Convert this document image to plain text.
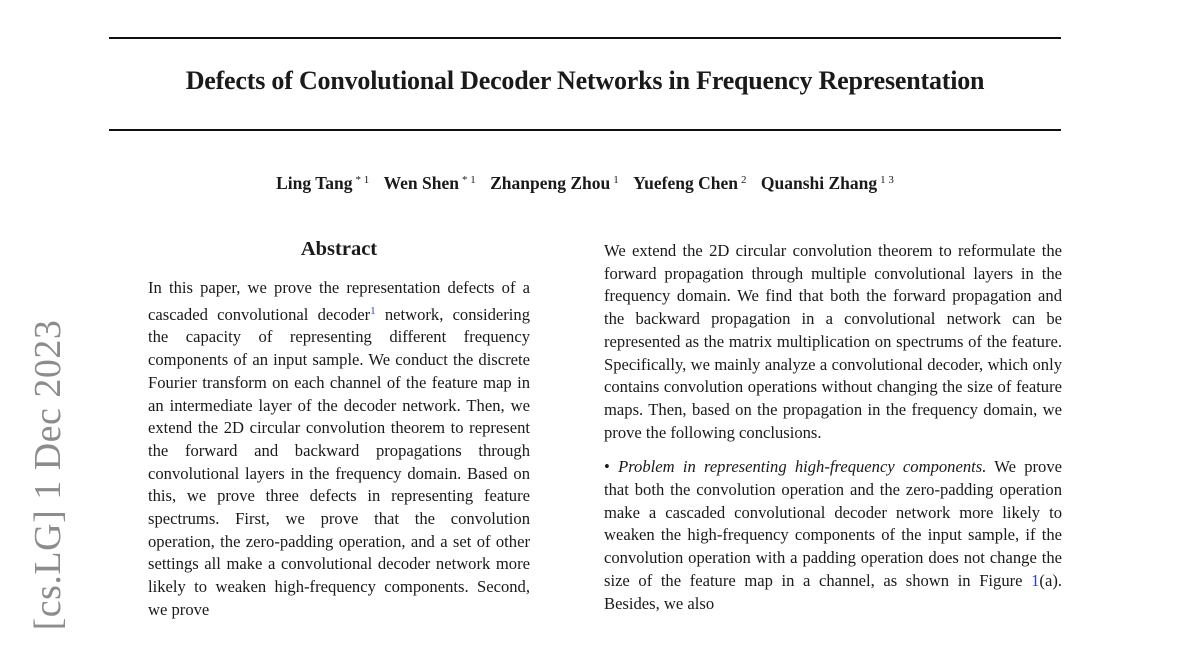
Defects of Convolutional Decoder Networks in Frequency Representation
Ling Tang $^{* 1}$ Wen Shen $^{* 1}$ Zhanpeng Zhou $^1$ Yuefeng Chen $^2$ Quanshi Zhang $^{1 3}$
[cs.LG] 1 Dec 2023
Abstract

In this paper, we prove the representation defects of a cascaded convolutional decoder$^1$ network, considering the capacity of representing different frequency components of an input sample. We conduct the discrete Fourier transform on each channel of the feature map in an intermediate layer of the decoder network. Then, we extend the 2D circular convolution theorem to represent the forward and backward propagations through convolutional layers in the frequency domain. Based on this, we prove three defects in representing feature spectrums. First, we prove that the convolution operation, the zero-padding operation, and a set of other settings all make a convolutional decoder network more likely to weaken high-frequency components. Second, we prove

We extend the 2D circular convolution theorem to reformulate the forward propagation through multiple convolutional layers in the frequency domain. We find that both the forward propagation and the backward propagation in a convolutional network can be represented as the matrix multiplication on spectrums of the feature. Specifically, we mainly analyze a convolutional decoder, which only contains convolution operations without changing the size of feature maps. Then, based on the propagation in the frequency domain, we prove the following conclusions.

• Problem in representing high-frequency components. We prove that both the convolution operation and the zero-padding operation make a cascaded convolutional decoder network more likely to weaken the high-frequency components of the input sample, if the convolution operation with a padding operation does not change the size of the feature map in a channel, as shown in Figure 1(a). Besides, we also
